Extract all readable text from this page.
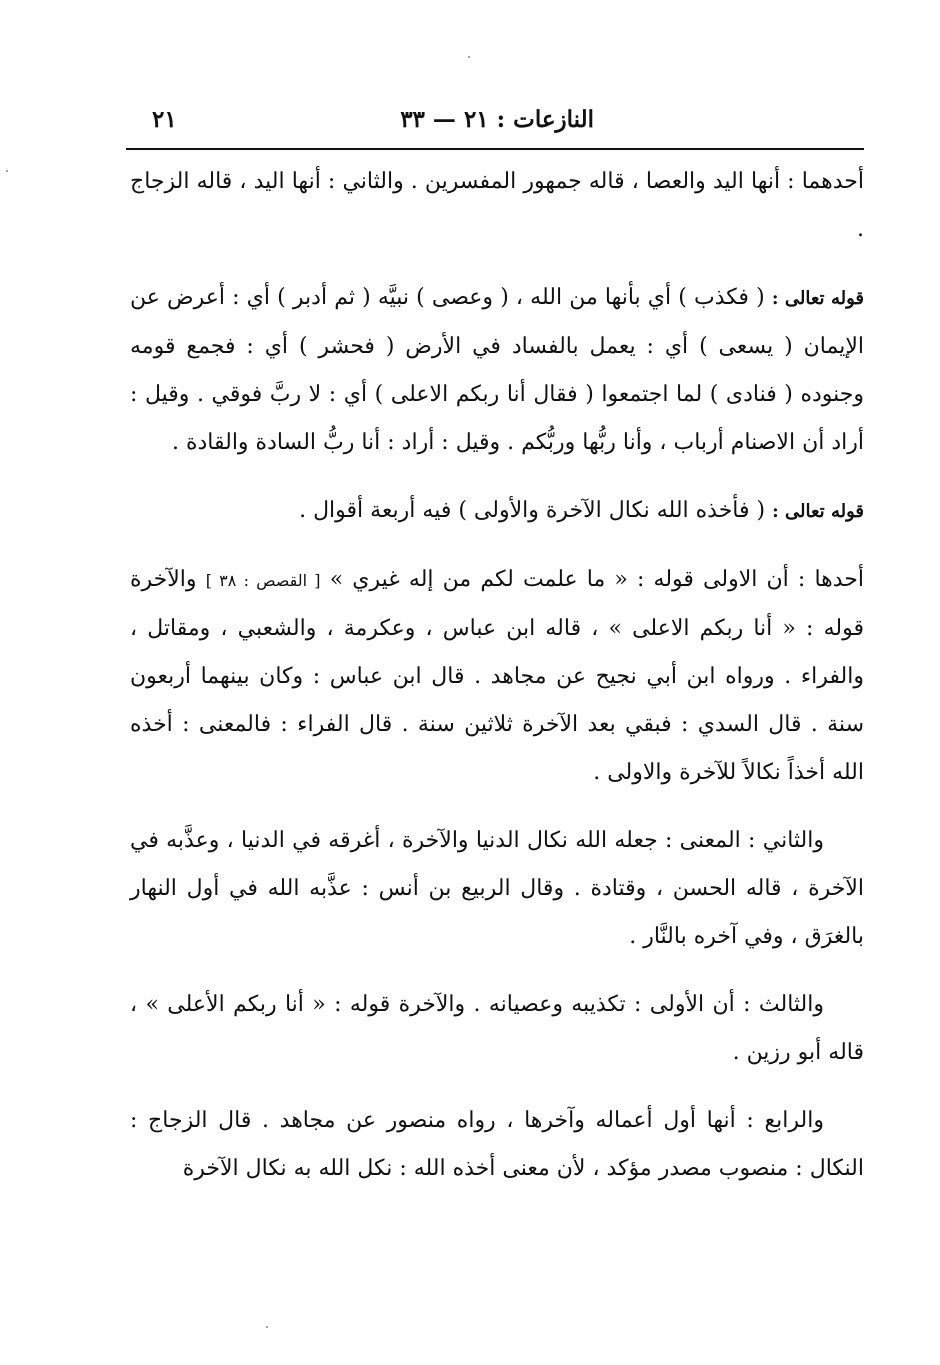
النازعات : ٢١ — ٣٣
٢١

أحدهما : أنها اليد والعصا ، قاله جمهور المفسرين . والثاني : أنها اليد ، قاله الزجاج .

قوله تعالى : ( فكذب ) أي بأنها من الله ، ( وعصى ) نبيَّه ( ثم أدبر ) أي : أعرض عن الإيمان ( يسعى ) أي : يعمل بالفساد في الأرض ( فحشر ) أي : فجمع قومه وجنوده ( فنادى ) لما اجتمعوا ( فقال أنا ربكم الاعلى ) أي : لا ربَّ فوقي . وقيل : أراد أن الاصنام أرباب ، وأنا ربُّها وربُّكم . وقيل : أراد : أنا ربُّ السادة والقادة .

قوله تعالى : ( فأخذه الله نكال الآخرة والأولى ) فيه أربعة أقوال .

أحدها : أن الاولى قوله : « ما علمت لكم من إله غيري » [ القصص : ٣٨ ] والآخرة قوله : « أنا ربكم الاعلى » ، قاله ابن عباس ، وعكرمة ، والشعبي ، ومقاتل ، والفراء . ورواه ابن أبي نجيح عن مجاهد . قال ابن عباس : وكان بينهما أربعون سنة . قال السدي : فبقي بعد الآخرة ثلاثين سنة . قال الفراء : فالمعنى : أخذه الله أخذاً نكالاً للآخرة والاولى .

والثاني : المعنى : جعله الله نكال الدنيا والآخرة ، أغرقه في الدنيا ، وعذَّبه في الآخرة ، قاله الحسن ، وقتادة . وقال الربيع بن أنس : عذَّبه الله في أول النهار بالغرَق ، وفي آخره بالنَّار .

والثالث : أن الأولى : تكذيبه وعصيانه . والآخرة قوله : « أنا ربكم الأعلى » ، قاله أبو رزين .

والرابع : أنها أول أعماله وآخرها ، رواه منصور عن مجاهد . قال الزجاج : النكال : منصوب مصدر مؤكد ، لأن معنى أخذه الله : نكل الله به نكال الآخرة
